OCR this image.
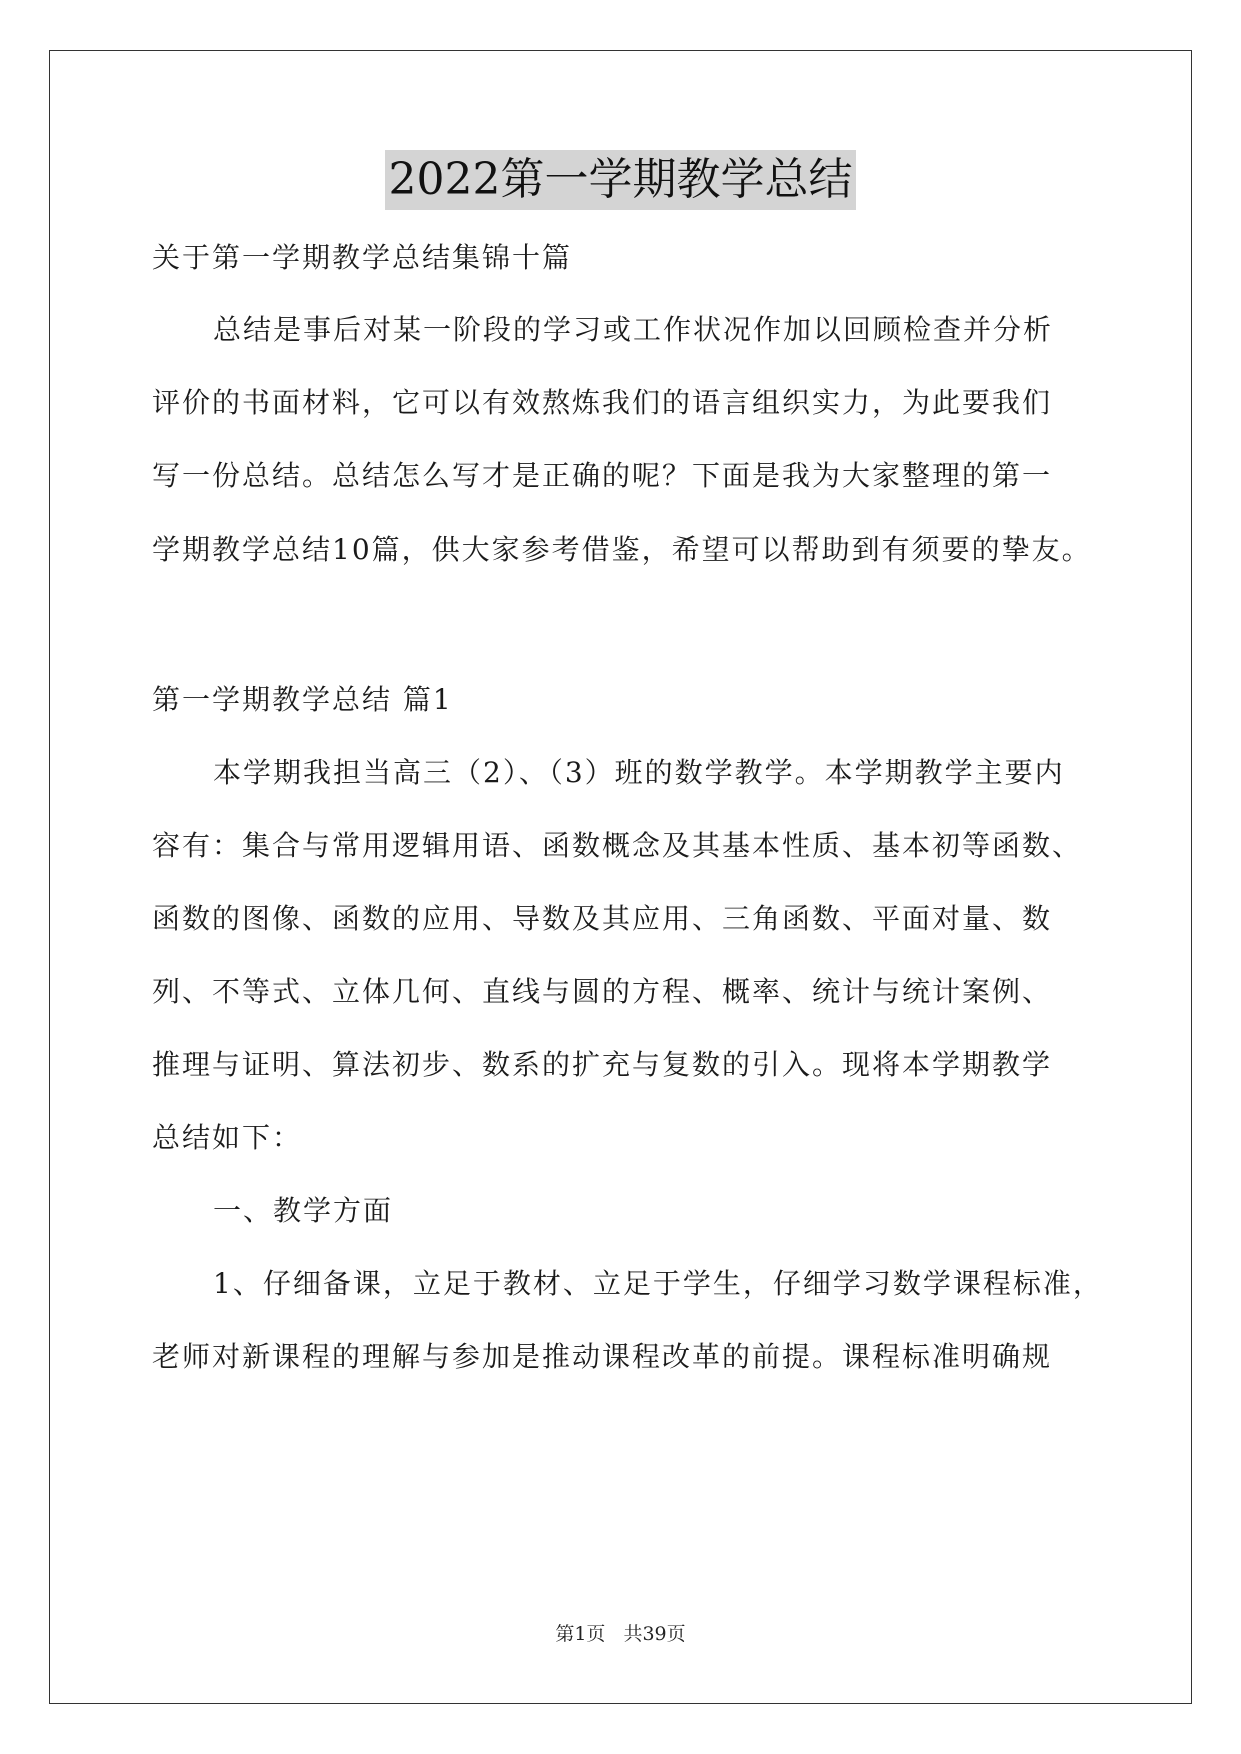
2022第一学期教学总结
关于第一学期教学总结集锦十篇
总结是事后对某一阶段的学习或工作状况作加以回顾检查并分析
评价的书面材料，它可以有效熬炼我们的语言组织实力，为此要我们
写一份总结。总结怎么写才是正确的呢？下面是我为大家整理的第一
学期教学总结10篇，供大家参考借鉴，希望可以帮助到有须要的挚友。
第一学期教学总结 篇1
本学期我担当高三（2）、（3）班的数学教学。本学期教学主要内
容有：集合与常用逻辑用语、函数概念及其基本性质、基本初等函数、
函数的图像、函数的应用、导数及其应用、三角函数、平面对量、数
列、不等式、立体几何、直线与圆的方程、概率、统计与统计案例、
推理与证明、算法初步、数系的扩充与复数的引入。现将本学期教学
总结如下：
一、教学方面
1、仔细备课，立足于教材、立足于学生，仔细学习数学课程标准，
老师对新课程的理解与参加是推动课程改革的前提。课程标准明确规
第1页 共39页
